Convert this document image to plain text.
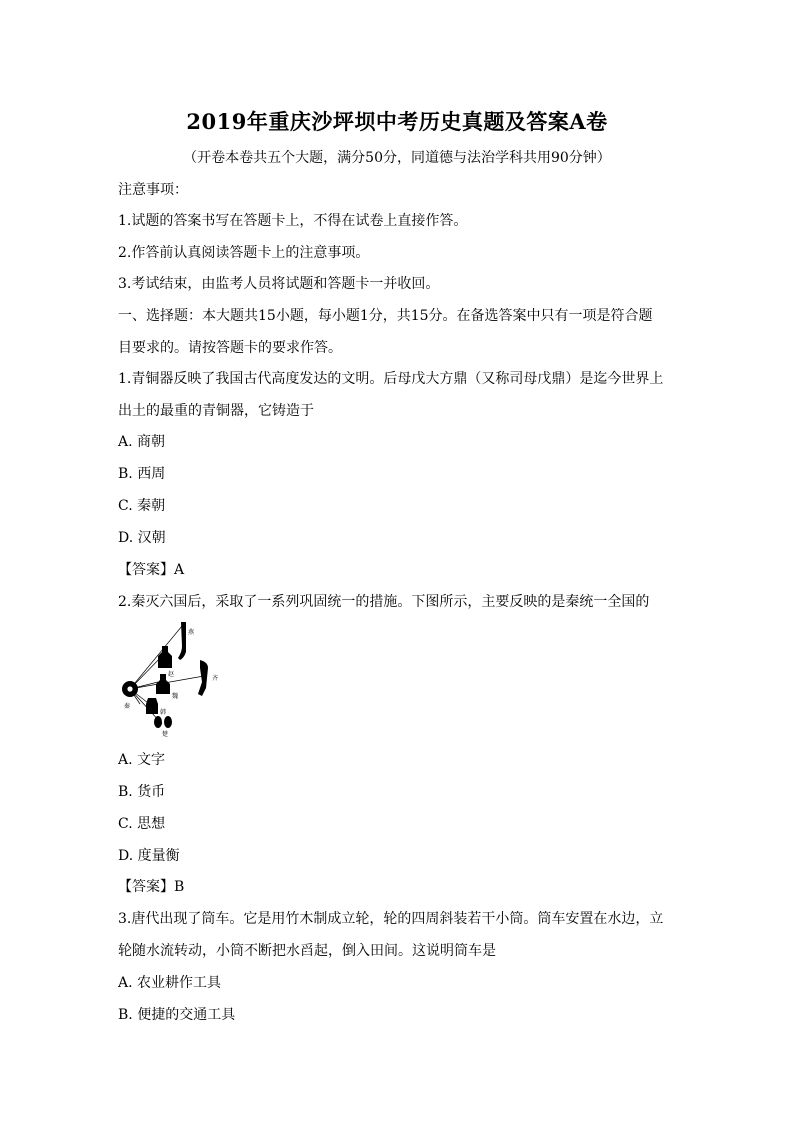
2019年重庆沙坪坝中考历史真题及答案A卷
（开卷本卷共五个大题，满分50分，同道德与法治学科共用90分钟）
注意事项：
1.试题的答案书写在答题卡上，不得在试卷上直接作答。
2.作答前认真阅读答题卡上的注意事项。
3.考试结束，由监考人员将试题和答题卡一并收回。
一、选择题：本大题共15小题，每小题1分，共15分。在备选答案中只有一项是符合题
目要求的。请按答题卡的要求作答。
1.青铜器反映了我国古代高度发达的文明。后母戊大方鼎（又称司母戊鼎）是迄今世界上
出土的最重的青铜器，它铸造于
A. 商朝
B. 西周
C. 秦朝
D. 汉朝
【答案】A
2.秦灭六国后，采取了一系列巩固统一的措施。下图所示，主要反映的是秦统一全国的
燕
赵
齐
秦
魏
韩
楚
A. 文字
B. 货币
C. 思想
D. 度量衡
【答案】B
3.唐代出现了筒车。它是用竹木制成立轮，轮的四周斜装若干小筒。筒车安置在水边，立
轮随水流转动，小筒不断把水舀起，倒入田间。这说明筒车是
A. 农业耕作工具
B. 便捷的交通工具
